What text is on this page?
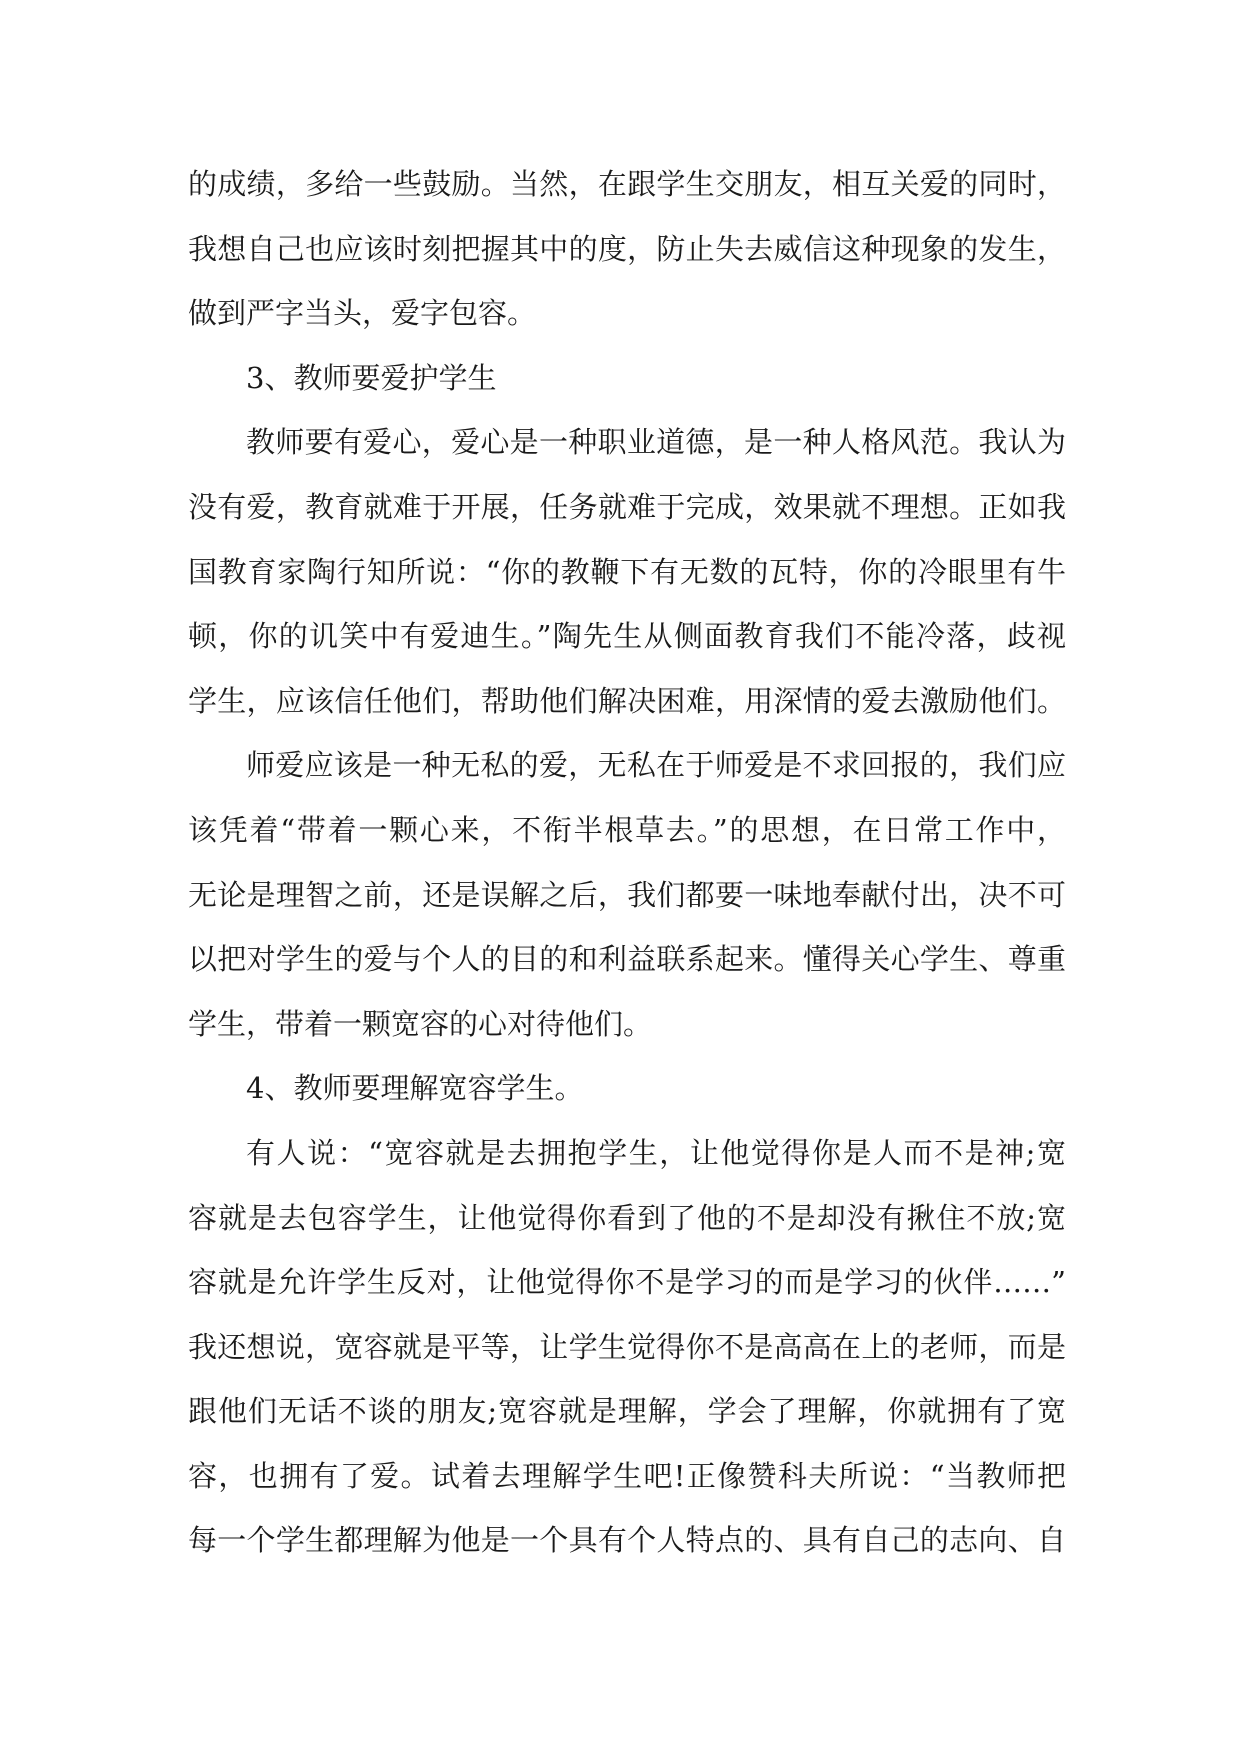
的成绩，多给一些鼓励。当然，在跟学生交朋友，相互关爱的同时，
我想自己也应该时刻把握其中的度，防止失去威信这种现象的发生，
做到严字当头，爱字包容。
3、教师要爱护学生
教师要有爱心，爱心是一种职业道德，是一种人格风范。我认为
没有爱，教育就难于开展，任务就难于完成，效果就不理想。正如我
国教育家陶行知所说：“你的教鞭下有无数的瓦特，你的冷眼里有牛
顿，你的讥笑中有爱迪生。”陶先生从侧面教育我们不能冷落，歧视
学生，应该信任他们，帮助他们解决困难，用深情的爱去激励他们。
师爱应该是一种无私的爱，无私在于师爱是不求回报的，我们应
该凭着“带着一颗心来，不衔半根草去。”的思想，在日常工作中，
无论是理智之前，还是误解之后，我们都要一味地奉献付出，决不可
以把对学生的爱与个人的目的和利益联系起来。懂得关心学生、尊重
学生，带着一颗宽容的心对待他们。
4、教师要理解宽容学生。
有人说：“宽容就是去拥抱学生，让他觉得你是人而不是神;宽
容就是去包容学生，让他觉得你看到了他的不是却没有揪住不放;宽
容就是允许学生反对，让他觉得你不是学习的而是学习的伙伴……”
我还想说，宽容就是平等，让学生觉得你不是高高在上的老师，而是
跟他们无话不谈的朋友;宽容就是理解，学会了理解，你就拥有了宽
容，也拥有了爱。试着去理解学生吧!正像赞科夫所说：“当教师把
每一个学生都理解为他是一个具有个人特点的、具有自己的志向、自
